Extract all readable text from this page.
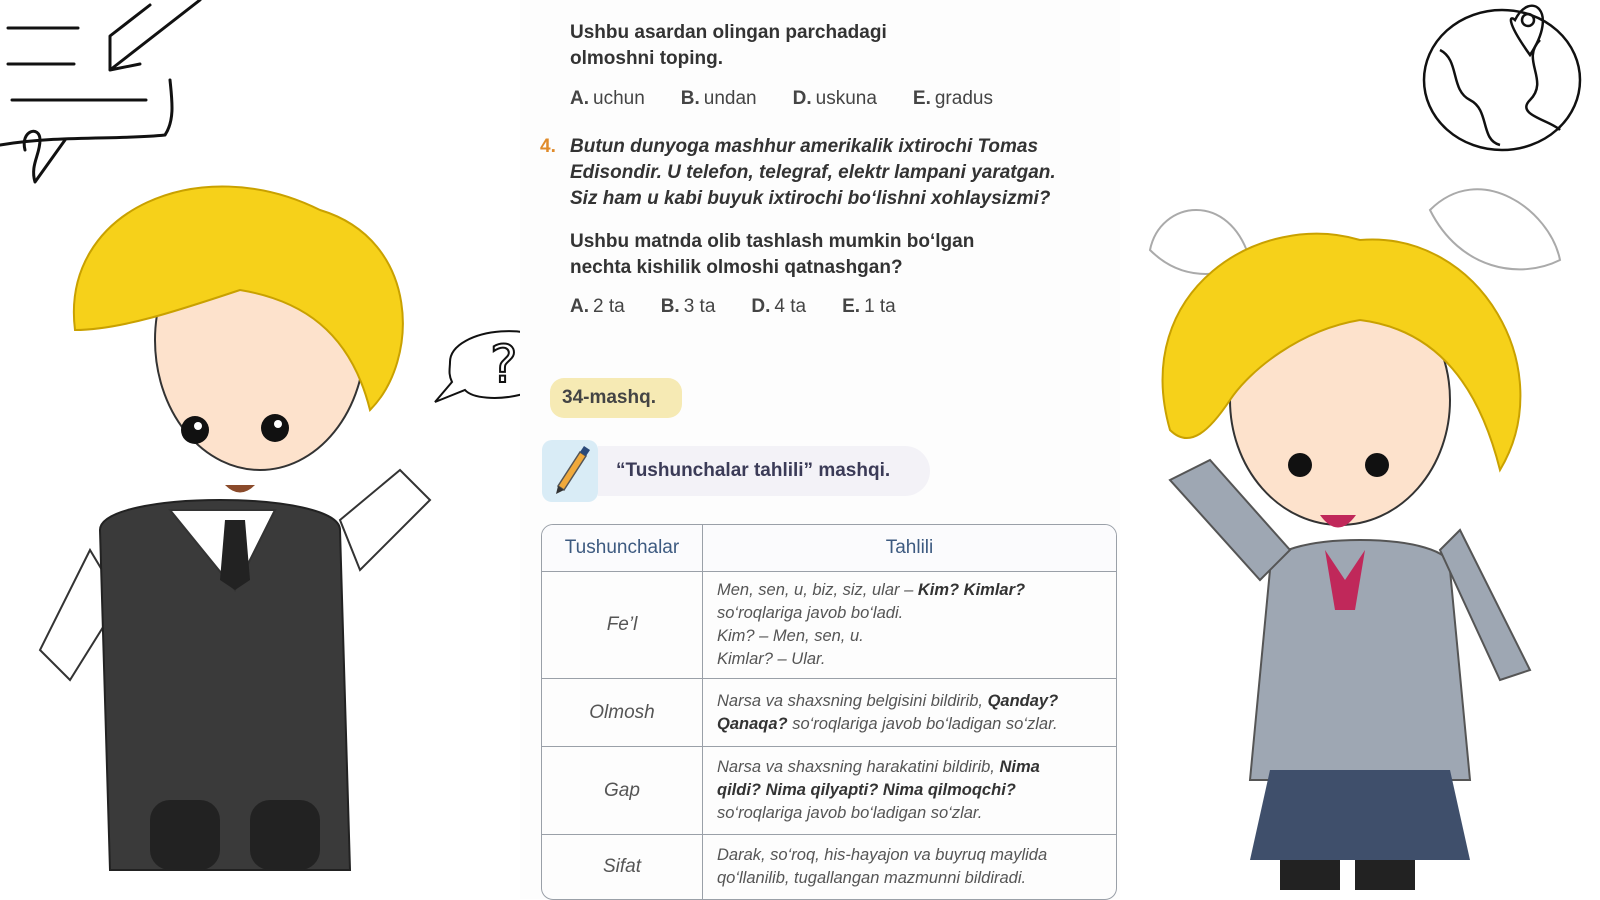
?
Ushbu asardan olingan parchadagi
olmoshni toping.
A. uchun B. undan D. uskuna E. gradus
4. Butun dunyoga mashhur amerikalik ixtirochi Tomas
Edisondir. U telefon, telegraf, elektr lampani yaratgan.
Siz ham u kabi buyuk ixtirochi bo‘lishni xohlaysizmi?
Ushbu matnda olib tashlash mumkin bo‘lgan
nechta kishilik olmoshi qatnashgan?
A. 2 ta B. 3 ta D. 4 ta E. 1 ta
34-mashq.
“Tushunchalar tahlili” mashqi.
Tushunchalar	Tahlili
Fe’l	Men, sen, u, biz, siz, ular – Kim? Kimlar?
so‘roqlariga javob bo‘ladi.
Kim? – Men, sen, u.
Kimlar? – Ular.

Olmosh	Narsa va shaxsning belgisini bildirib, Qanday?
Qanaqa? so‘roqlariga javob bo‘ladigan so‘zlar.

Gap	Narsa va shaxsning harakatini bildirib, Nima
qildi? Nima qilyapti? Nima qilmoqchi?
so‘roqlariga javob bo‘ladigan so‘zlar.

Sifat	Darak, so‘roq, his-hayajon va buyruq maylida
qo‘llanilib, tugallangan mazmunni bildiradi.
